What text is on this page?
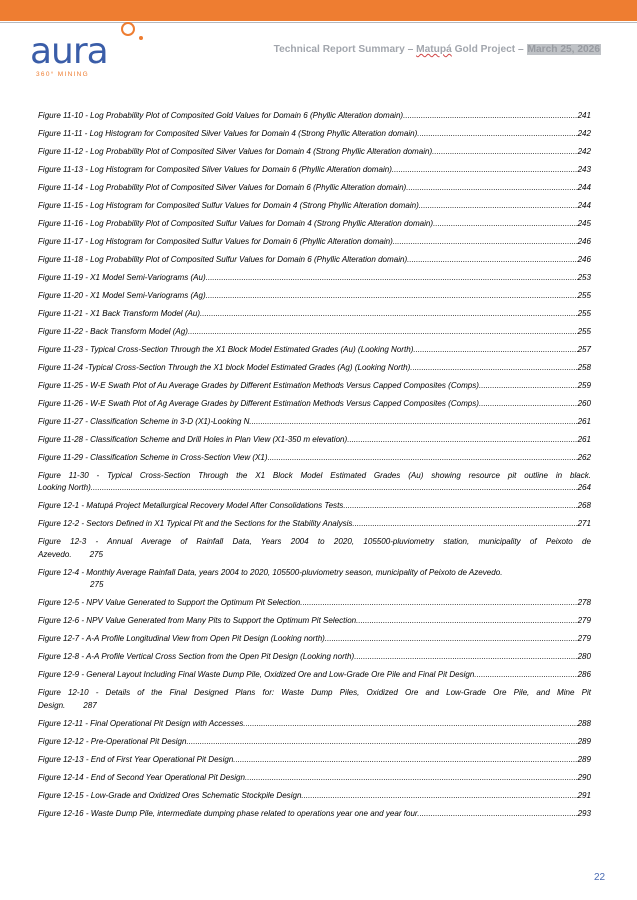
aura
360° MINING
Technical Report Summary – Matupá Gold Project – March 25, 2026
Figure 11-10 - Log Probability Plot of Composited Gold Values for Domain 6 (Phyllic Alteration domain). .....	241
Figure 11-11 - Log Histogram for Composited Silver Values for Domain 4 (Strong Phyllic Alteration domain). .....	242
Figure 11-12 - Log Probability Plot of Composited Silver Values for Domain 4 (Strong Phyllic Alteration domain). .....	242
Figure 11-13 - Log Histogram for Composited Silver Values for Domain 6 (Phyllic Alteration domain). .....	243
Figure 11-14 - Log Probability Plot of Composited Silver Values for Domain 6 (Phyllic Alteration domain). .....	244
Figure 11-15 - Log Histogram for Composited Sulfur Values for Domain 4 (Strong Phyllic Alteration domain). .....	244
Figure 11-16 - Log Probability Plot of Composited Sulfur Values for Domain 4 (Strong Phyllic Alteration domain). .....	245
Figure 11-17 - Log Histogram for Composited Sulfur Values for Domain 6 (Phyllic Alteration domain). .....	246
Figure 11-18 - Log Probability Plot of Composited Sulfur Values for Domain 6 (Phyllic Alteration domain). .....	246
Figure 11-19 - X1 Model Semi-Variograms (Au). .....	253
Figure 11-20 - X1 Model Semi-Variograms (Ag). .....	255
Figure 11-21 - X1 Back Transform Model (Au). .....	255
Figure 11-22 - Back Transform Model (Ag). .....	255
Figure 11-23 - Typical Cross-Section Through the X1 Block Model Estimated Grades (Au) (Looking North). .....	257
Figure 11-24 -Typical Cross-Section Through the X1 block Model Estimated Grades (Ag) (Looking North). .....	258
Figure 11-25 - W-E Swath Plot of Au Average Grades by Different Estimation Methods Versus Capped Composites (Comps) .....	259
Figure 11-26 - W-E Swath Plot of Ag Average Grades by Different Estimation Methods Versus Capped Composites (Comps). .....	260
Figure 11-27 - Classification Scheme in 3-D (X1)-Looking N. .....	261
Figure 11-28 - Classification Scheme and Drill Holes in Plan View (X1-350 m elevation). .....	261
Figure 11-29 - Classification Scheme in Cross-Section View (X1). .....	262
Figure 11-30 - Typical Cross-Section Through the X1 Block Model Estimated Grades (Au) showing resource pit outline in black.
Looking North). .....	264
Figure 12-1 - Matupá Project Metallurgical Recovery Model After Consolidations Tests. .....	268
Figure 12-2 - Sectors Defined in X1 Typical Pit and the Sections for the Stability Analysis. .....	271
Figure 12-3 - Annual Average of Rainfall Data, Years 2004 to 2020, 105500-pluviometry station, municipality of Peixoto de
Azevedo. 275
Figure 12-4 - Monthly Average Rainfall Data, years 2004 to 2020, 105500-pluviometry season, municipality of Peixoto de Azevedo.
275
Figure 12-5 - NPV Value Generated to Support the Optimum Pit Selection. .....	278
Figure 12-6 - NPV Value Generated from Many Pits to Support the Optimum Pit Selection. .....	279
Figure 12-7 - A-A Profile Longitudinal View from Open Pit Design (Looking north). .....	279
Figure 12-8 - A-A Profile Vertical Cross Section from the Open Pit Design (Looking north). .....	280
Figure 12-9 - General Layout Including Final Waste Dump Pile, Oxidized Ore and Low-Grade Ore Pile and Final Pit Design. .....	286
Figure 12-10 - Details of the Final Designed Plans for: Waste Dump Piles, Oxidized Ore and Low-Grade Ore Pile, and Mine Pit
Design. 287
Figure 12-11 - Final Operational Pit Design with Accesses. .....	288
Figure 12-12 - Pre-Operational Pit Design. .....	289
Figure 12-13 - End of First Year Operational Pit Design. .....	289
Figure 12-14 - End of Second Year Operational Pit Design. .....	290
Figure 12-15 - Low-Grade and Oxidized Ores Schematic Stockpile Design. .....	291
Figure 12-16 - Waste Dump Pile, intermediate dumping phase related to operations year one and year four. .....	293
22
